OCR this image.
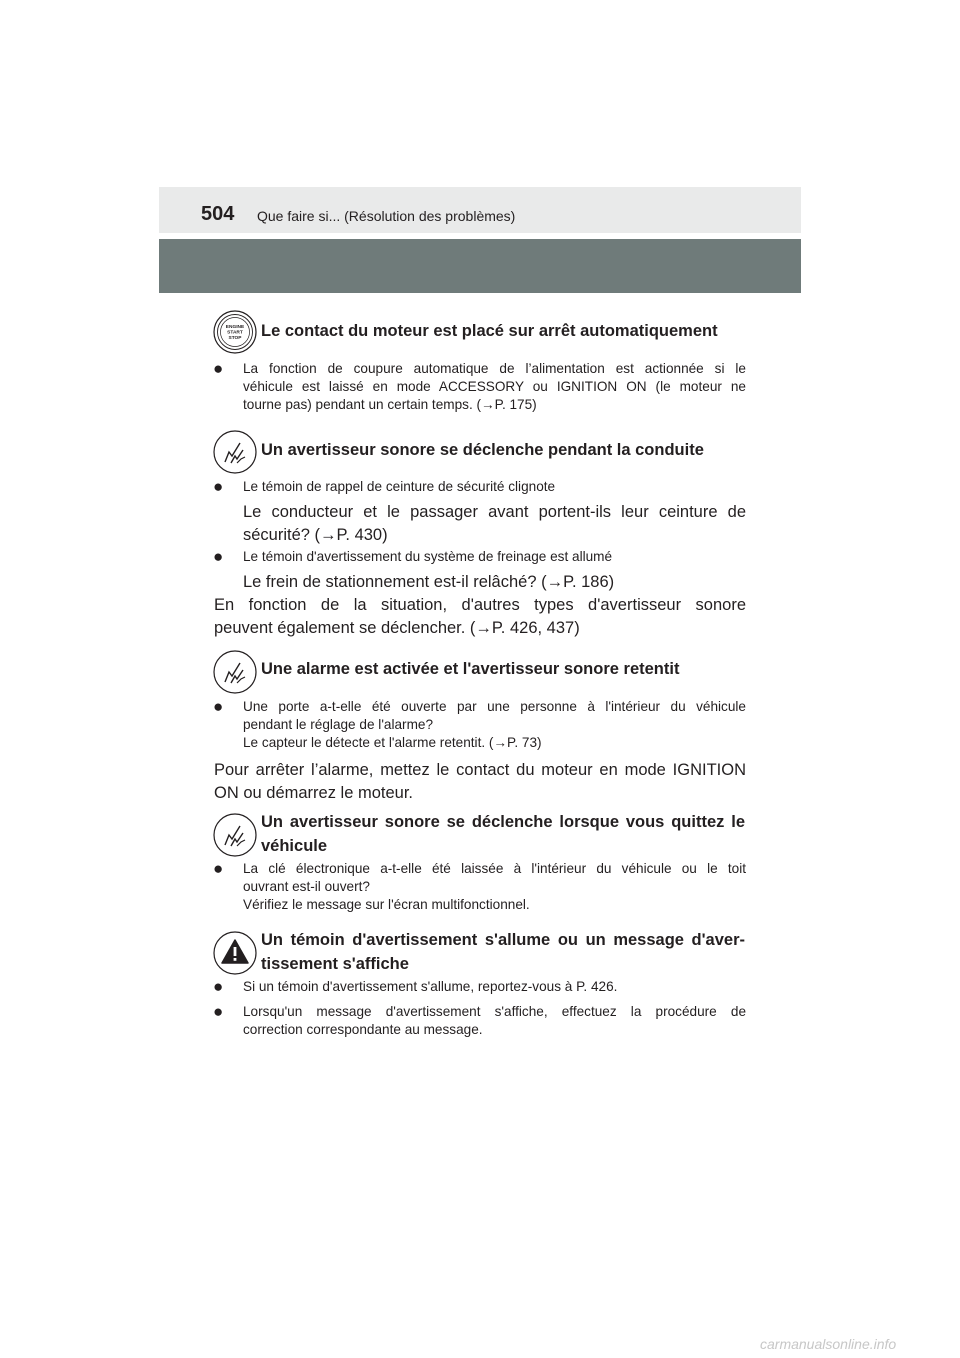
504 Que faire si... (Résolution des problèmes)
ENGINE
START
STOP Le contact du moteur est placé sur arrêt automatiquement
●	La fonction de coupure automatique de l’alimentation est actionnée si le
véhicule est laissé en mode ACCESSORY ou IGNITION ON (le moteur ne
tourne pas) pendant un certain temps. (→P. 175)
Un avertisseur sonore se déclenche pendant la conduite
●	Le témoin de rappel de ceinture de sécurité clignote
Le conducteur et le passager avant portent-ils leur ceinture de
sécurité? (→P. 430)
●	Le témoin d'avertissement du système de freinage est allumé
Le frein de stationnement est-il relâché? (→P. 186)
En fonction de la situation, d'autres types d'avertisseur sonore
peuvent également se déclencher. (→P. 426, 437)
Une alarme est activée et l'avertisseur sonore retentit
●	Une porte a-t-elle été ouverte par une personne à l'intérieur du véhicule
pendant le réglage de l'alarme?
Le capteur le détecte et l'alarme retentit. (→P. 73)
Pour arrêter l’alarme, mettez le contact du moteur en mode IGNITION
ON ou démarrez le moteur.
Un avertisseur sonore se déclenche lorsque vous quittez le
véhicule
●	La clé électronique a-t-elle été laissée à l'intérieur du véhicule ou le toit
ouvrant est-il ouvert?
Vérifiez le message sur l'écran multifonctionnel.
Un témoin d'avertissement s'allume ou un message d'aver-
tissement s'affiche
●	Si un témoin d'avertissement s'allume, reportez-vous à P. 426.
●	Lorsqu'un message d'avertissement s'affiche, effectuez la procédure de
correction correspondante au message.
carmanualsonline.info
